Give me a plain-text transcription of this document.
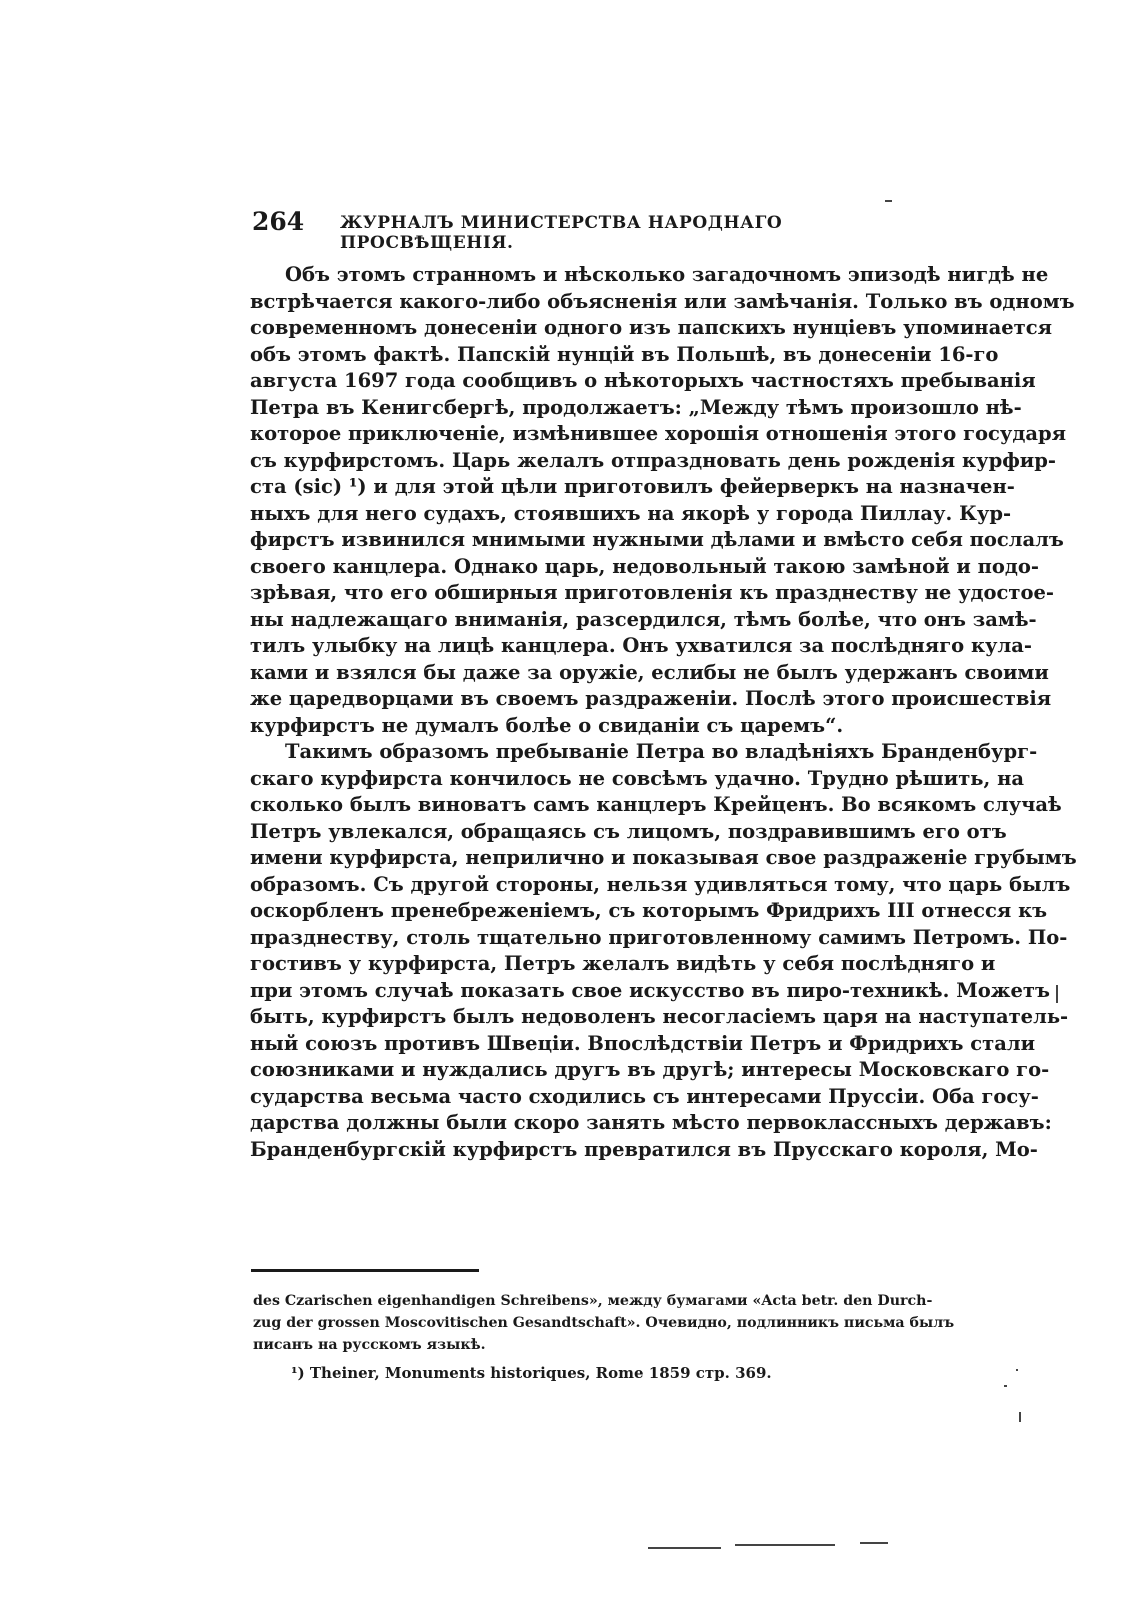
264 ЖУРНАЛЪ МИНИСТЕРСТВА НАРОДНАГО ПРОСВѢЩЕНІЯ.
Объ этомъ странномъ и нѣсколько загадочномъ эпизодѣ нигдѣ не
встрѣчается какого-либо объясненія или замѣчанія. Только въ одномъ
современномъ донесеніи одного изъ папскихъ нунціевъ упоминается
объ этомъ фактѣ. Папскій нунцій въ Польшѣ, въ донесеніи 16-го
августа 1697 года сообщивъ о нѣкоторыхъ частностяхъ пребыванія
Петра въ Кенигсбергѣ, продолжаетъ: „Между тѣмъ произошло нѣ-
которое приключеніе, измѣнившее хорошія отношенія этого государя
съ курфирстомъ. Царь желалъ отпраздновать день рожденія курфир-
ста (sic) ¹) и для этой цѣли приготовилъ фейерверкъ на назначен-
ныхъ для него судахъ, стоявшихъ на якорѣ у города Пиллау. Кур-
фирстъ извинился мнимыми нужными дѣлами и вмѣсто себя послалъ
своего канцлера. Однако царь, недовольный такою замѣной и подо-
зрѣвая, что его обширныя приготовленія къ празднеству не удостое-
ны надлежащаго вниманія, разсердился, тѣмъ болѣе, что онъ замѣ-
тилъ улыбку на лицѣ канцлера. Онъ ухватился за послѣдняго кула-
ками и взялся бы даже за оружіе, еслибы не былъ удержанъ своими
же царедворцами въ своемъ раздраженіи. Послѣ этого происшествія
курфирстъ не думалъ болѣе о свиданіи съ царемъ“.
Такимъ образомъ пребываніе Петра во владѣніяхъ Бранденбург-
скаго курфирста кончилось не совсѣмъ удачно. Трудно рѣшить, на
сколько былъ виноватъ самъ канцлеръ Крейценъ. Во всякомъ случаѣ
Петръ увлекался, обращаясь съ лицомъ, поздравившимъ его отъ
имени курфирста, неприлично и показывая свое раздраженіе грубымъ
образомъ. Съ другой стороны, нельзя удивляться тому, что царь былъ
оскорбленъ пренебреженіемъ, съ которымъ Фридрихъ III отнесся къ
празднеству, столь тщательно приготовленному самимъ Петромъ. По-
гостивъ у курфирста, Петръ желалъ видѣть у себя послѣдняго и
при этомъ случаѣ показать свое искусство въ пиро-техникѣ. Можетъ
быть, курфирстъ былъ недоволенъ несогласіемъ царя на наступатель-
ный союзъ противъ Швеціи. Впослѣдствіи Петръ и Фридрихъ стали
союзниками и нуждались другъ въ другѣ; интересы Московскаго го-
сударства весьма часто сходились съ интересами Пруссіи. Оба госу-
дарства должны были скоро занять мѣсто первоклассныхъ державъ:
Бранденбургскій курфирстъ превратился въ Прусскаго короля, Мо-
des Czarischen eigenhandigen Schreibens», между бумагами «Acta betr. den Durch-
zug der grossen Moscovitischen Gesandtschaft». Очевидно, подлинникъ письма былъ
писанъ на русскомъ языкѣ.
¹) Theiner, Monuments historiques, Rome 1859 стр. 369.
